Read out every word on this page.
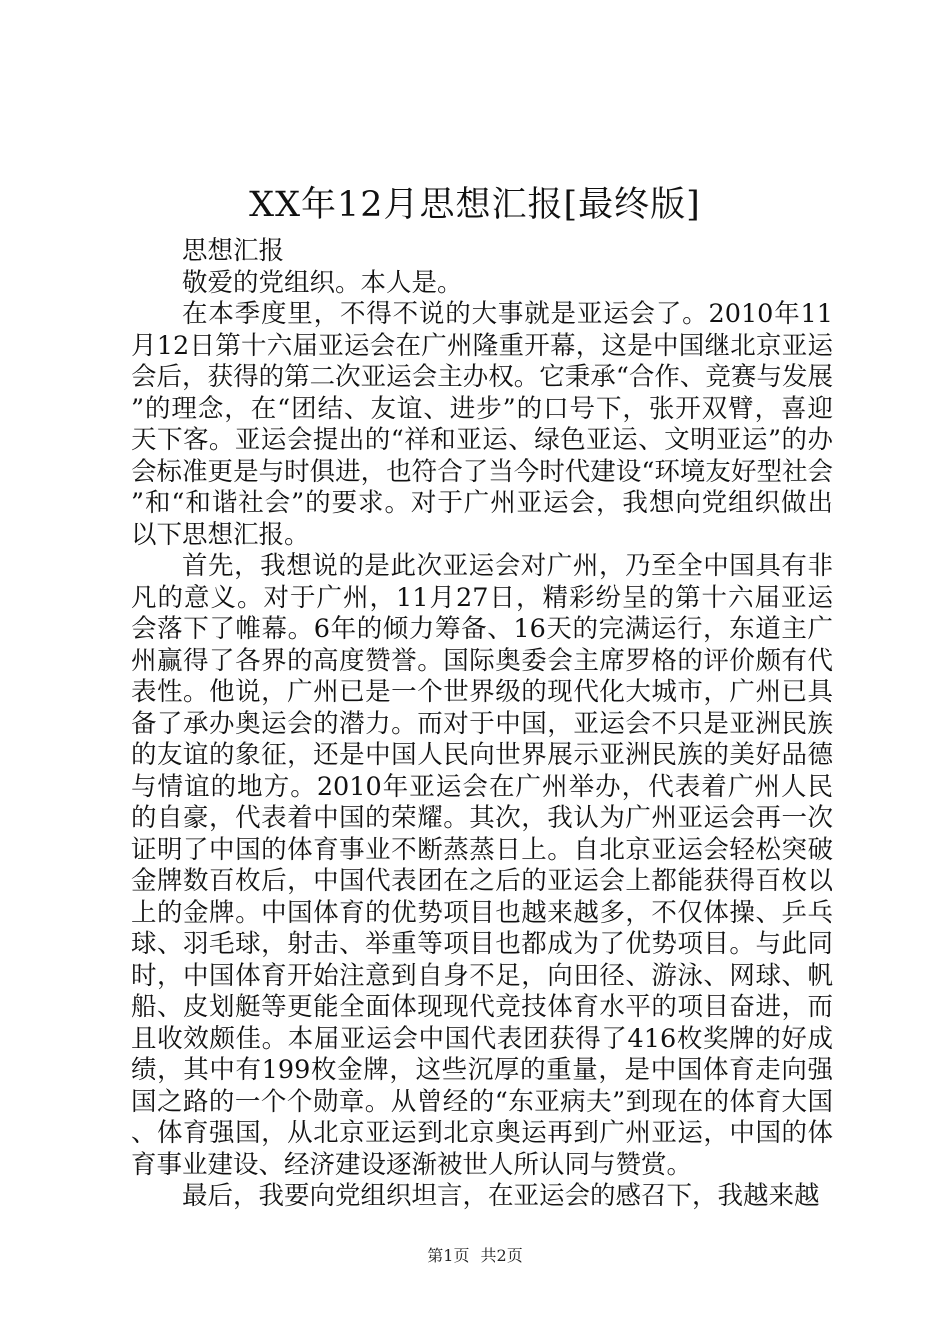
XX年12月思想汇报[最终版]

思想汇报

敬爱的党组织。本人是。

在本季度里，不得不说的大事就是亚运会了。2010年11月12日第十六届亚运会在广州隆重开幕，这是中国继北京亚运会后，获得的第二次亚运会主办权。它秉承“合作、竞赛与发展”的理念，在“团结、友谊、进步”的口号下，张开双臂，喜迎天下客。亚运会提出的“祥和亚运、绿色亚运、文明亚运”的办会标准更是与时俱进，也符合了当今时代建设“环境友好型社会”和“和谐社会”的要求。对于广州亚运会，我想向党组织做出以下思想汇报。

首先，我想说的是此次亚运会对广州，乃至全中国具有非凡的意义。对于广州，11月27日，精彩纷呈的第十六届亚运会落下了帷幕。6年的倾力筹备、16天的完满运行，东道主广州赢得了各界的高度赞誉。国际奥委会主席罗格的评价颇有代表性。他说，广州已是一个世界级的现代化大城市，广州已具备了承办奥运会的潜力。而对于中国，亚运会不只是亚洲民族的友谊的象征，还是中国人民向世界展示亚洲民族的美好品德与情谊的地方。2010年亚运会在广州举办，代表着广州人民的自豪，代表着中国的荣耀。其次，我认为广州亚运会再一次证明了中国的体育事业不断蒸蒸日上。自北京亚运会轻松突破金牌数百枚后，中国代表团在之后的亚运会上都能获得百枚以上的金牌。中国体育的优势项目也越来越多，不仅体操、乒乓球、羽毛球，射击、举重等项目也都成为了优势项目。与此同时，中国体育开始注意到自身不足，向田径、游泳、网球、帆船、皮划艇等更能全面体现现代竞技体育水平的项目奋进，而且收效颇佳。本届亚运会中国代表团获得了416枚奖牌的好成绩，其中有199枚金牌，这些沉厚的重量，是中国体育走向强国之路的一个个勋章。从曾经的“东亚病夫”到现在的体育大国、体育强国，从北京亚运到北京奥运再到广州亚运，中国的体育事业建设、经济建设逐渐被世人所认同与赞赏。

最后，我要向党组织坦言，在亚运会的感召下，我越来越

第1页 共2页
